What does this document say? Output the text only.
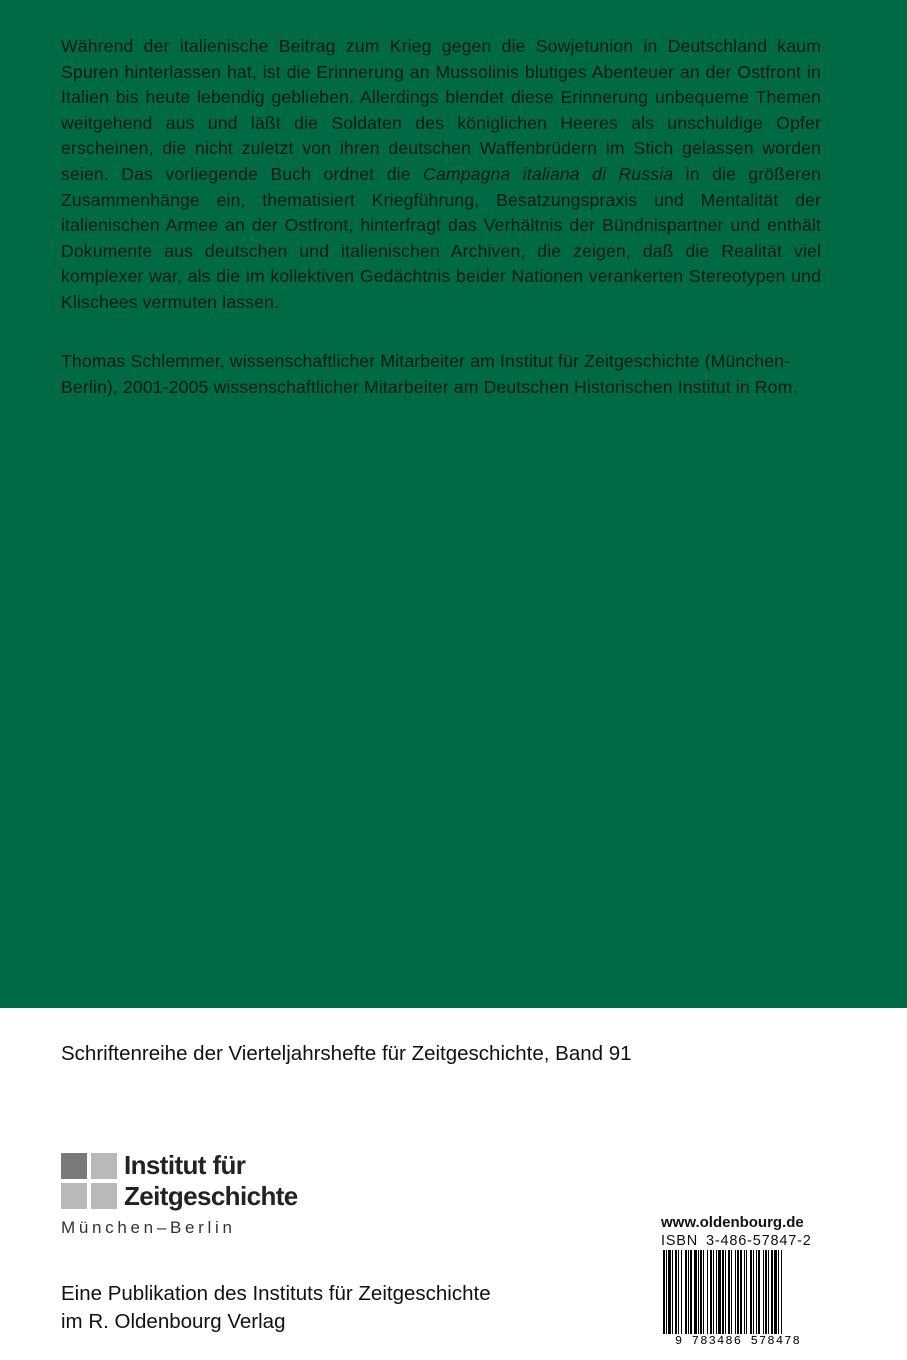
Während der italienische Beitrag zum Krieg gegen die Sowjetunion in Deutschland kaum Spuren hinterlassen hat, ist die Erinnerung an Mussolinis blutiges Abenteuer an der Ostfront in Italien bis heute lebendig geblieben. Allerdings blendet diese Erinnerung unbequeme Themen weitgehend aus und läßt die Soldaten des königlichen Heeres als unschuldige Opfer erscheinen, die nicht zuletzt von ihren deutschen Waffenbrüdern im Stich gelassen worden seien. Das vorliegende Buch ordnet die Campagna italiana di Russia in die größeren Zusammenhänge ein, thematisiert Kriegführung, Besatzungspraxis und Mentalität der italienischen Armee an der Ostfront, hinterfragt das Verhältnis der Bündnispartner und enthält Dokumente aus deutschen und italienischen Archiven, die zeigen, daß die Realität viel komplexer war, als die im kollektiven Gedächtnis beider Nationen verankerten Stereotypen und Klischees vermuten lassen.

Thomas Schlemmer, wissenschaftlicher Mitarbeiter am Institut für Zeitgeschichte (München-Berlin), 2001-2005 wissenschaftlicher Mitarbeiter am Deutschen Historischen Institut in Rom.

Schriftenreihe der Vierteljahrshefte für Zeitgeschichte, Band 91

Institut für
Zeitgeschichte
München–Berlin

Eine Publikation des Instituts für Zeitgeschichte
im R. Oldenbourg Verlag

www.oldenbourg.de

ISBN 3-486-57847-2

9 783486 578478
